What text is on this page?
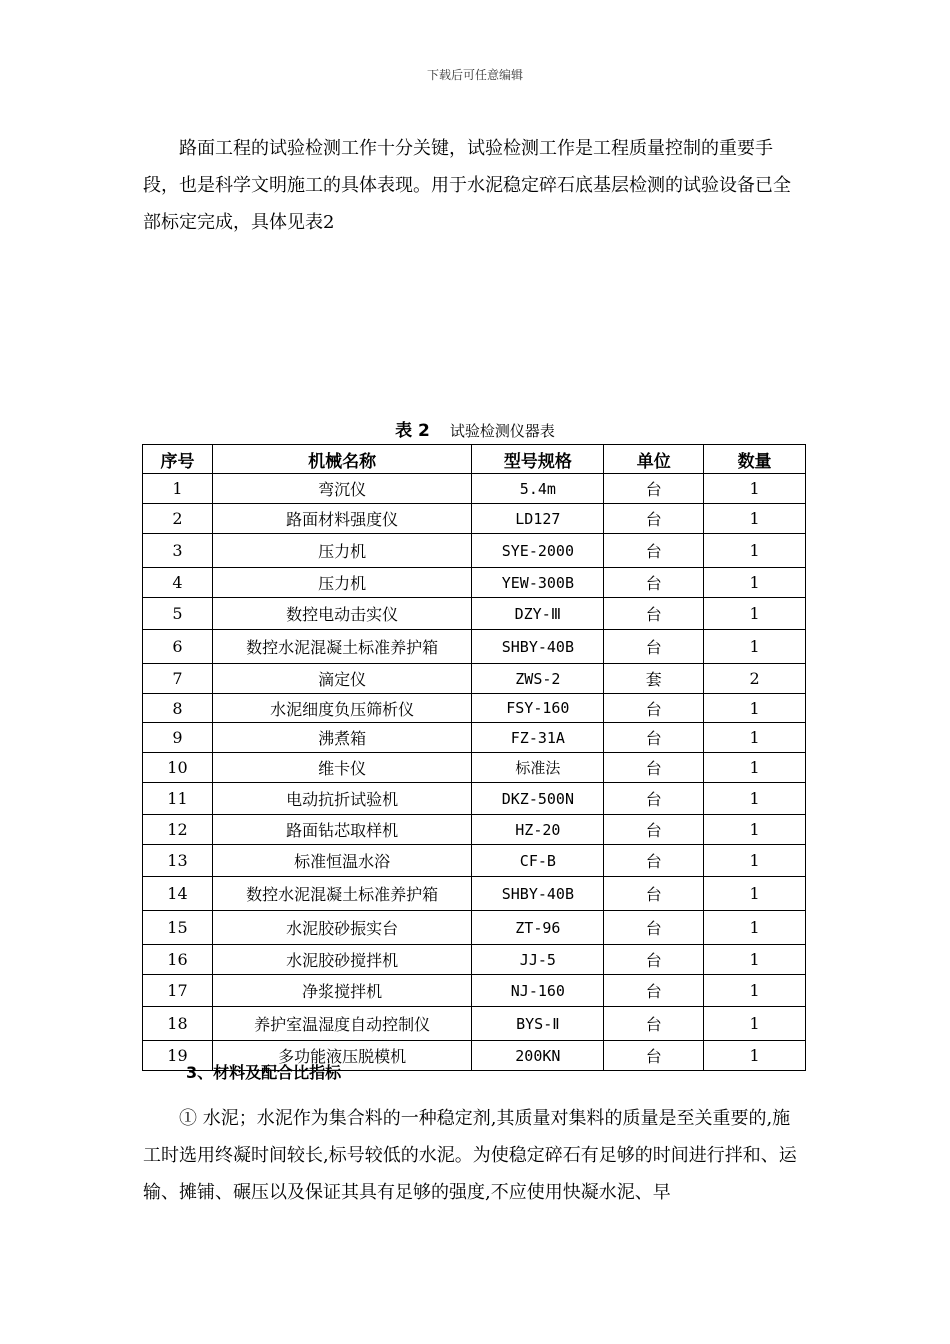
下载后可任意编辑

路面工程的试验检测工作十分关键，试验检测工作是工程质量控制的重要手段，也是科学文明施工的具体表现。用于水泥稳定碎石底基层检测的试验设备已全部标定完成，具体见表2

表 2 试验检测仪器表
序号	机械名称	型号规格	单位	数量
1	弯沉仪	5.4m	台	1
2	路面材料强度仪	LD127	台	1
3	压力机	SYE-2000	台	1
4	压力机	YEW-300B	台	1
5	数控电动击实仪	DZY-Ⅲ	台	1
6	数控水泥混凝土标准养护箱	SHBY-40B	台	1
7	滴定仪	ZWS-2	套	2
8	水泥细度负压筛析仪	FSY-160	台	1
9	沸煮箱	FZ-31A	台	1
10	维卡仪	标准法	台	1
11	电动抗折试验机	DKZ-500N	台	1
12	路面钻芯取样机	HZ-20	台	1
13	标准恒温水浴	CF-B	台	1
14	数控水泥混凝土标准养护箱	SHBY-40B	台	1
15	水泥胶砂振实台	ZT-96	台	1
16	水泥胶砂搅拌机	JJ-5	台	1
17	净浆搅拌机	NJ-160	台	1
18	养护室温湿度自动控制仪	BYS-Ⅱ	台	1
19	多功能液压脱模机	200KN	台	1
3、材料及配合比指标

① 水泥；水泥作为集合料的一种稳定剂,其质量对集料的质量是至关重要的,施工时选用终凝时间较长,标号较低的水泥。为使稳定碎石有足够的时间进行拌和、运输、摊铺、碾压以及保证其具有足够的强度,不应使用快凝水泥、早
